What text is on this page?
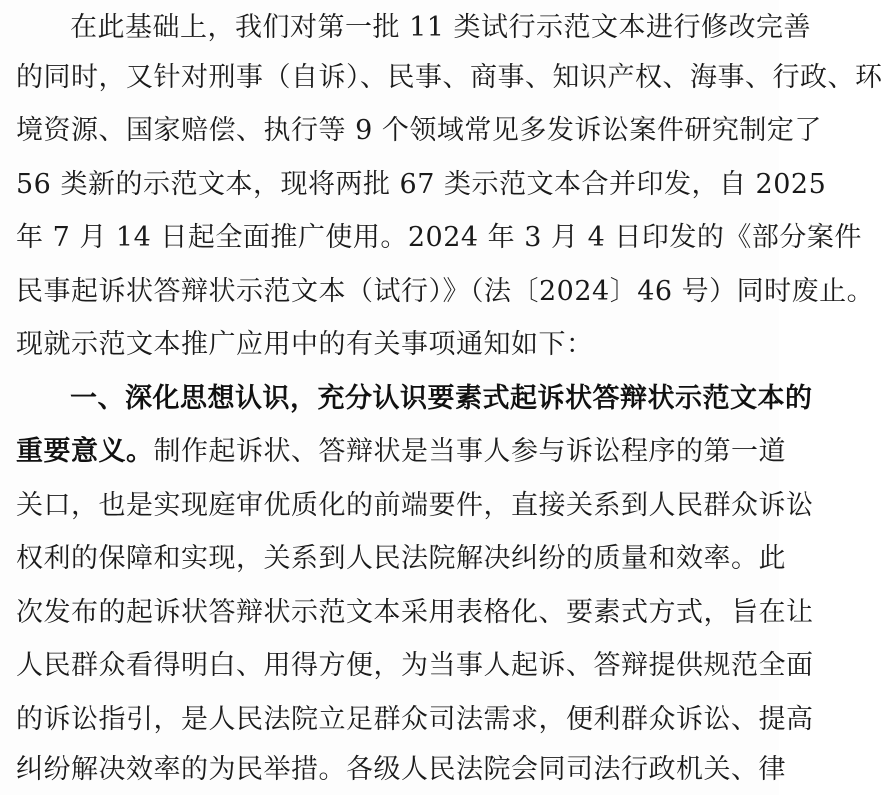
在此基础上，我们对第一批 11 类试行示范文本进行修改完善
的同时，又针对刑事（自诉）、民事、商事、知识产权、海事、行政、环
境资源、国家赔偿、执行等 9 个领域常见多发诉讼案件研究制定了
56 类新的示范文本，现将两批 67 类示范文本合并印发，自 2025
年 7 月 14 日起全面推广使用。2024 年 3 月 4 日印发的《部分案件
民事起诉状答辩状示范文本（试行）》（法〔2024〕46 号）同时废止。
现就示范文本推广应用中的有关事项通知如下：
一、深化思想认识，充分认识要素式起诉状答辩状示范文本的
重要意义。制作起诉状、答辩状是当事人参与诉讼程序的第一道
关口，也是实现庭审优质化的前端要件，直接关系到人民群众诉讼
权利的保障和实现，关系到人民法院解决纠纷的质量和效率。此
次发布的起诉状答辩状示范文本采用表格化、要素式方式，旨在让
人民群众看得明白、用得方便，为当事人起诉、答辩提供规范全面
的诉讼指引，是人民法院立足群众司法需求，便利群众诉讼、提高
纠纷解决效率的为民举措。各级人民法院会同司法行政机关、律
